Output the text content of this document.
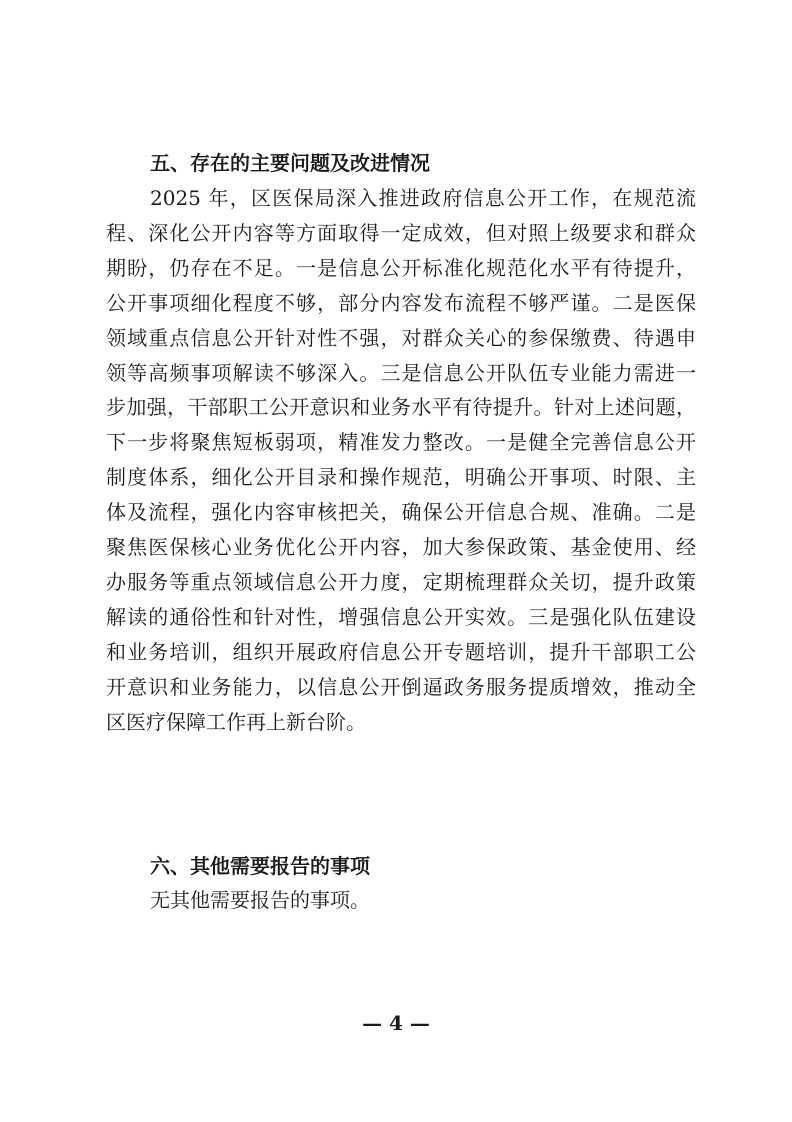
五、存在的主要问题及改进情况
2025 年，区医保局深入推进政府信息公开工作，在规范流
程、深化公开内容等方面取得一定成效，但对照上级要求和群众
期盼，仍存在不足。一是信息公开标准化规范化水平有待提升，
公开事项细化程度不够，部分内容发布流程不够严谨。二是医保
领域重点信息公开针对性不强，对群众关心的参保缴费、待遇申
领等高频事项解读不够深入。三是信息公开队伍专业能力需进一
步加强，干部职工公开意识和业务水平有待提升。针对上述问题，
下一步将聚焦短板弱项，精准发力整改。一是健全完善信息公开
制度体系，细化公开目录和操作规范，明确公开事项、时限、主
体及流程，强化内容审核把关，确保公开信息合规、准确。二是
聚焦医保核心业务优化公开内容，加大参保政策、基金使用、经
办服务等重点领域信息公开力度，定期梳理群众关切，提升政策
解读的通俗性和针对性，增强信息公开实效。三是强化队伍建设
和业务培训，组织开展政府信息公开专题培训，提升干部职工公
开意识和业务能力，以信息公开倒逼政务服务提质增效，推动全
区医疗保障工作再上新台阶。
六、其他需要报告的事项
无其他需要报告的事项。
— 4 —
